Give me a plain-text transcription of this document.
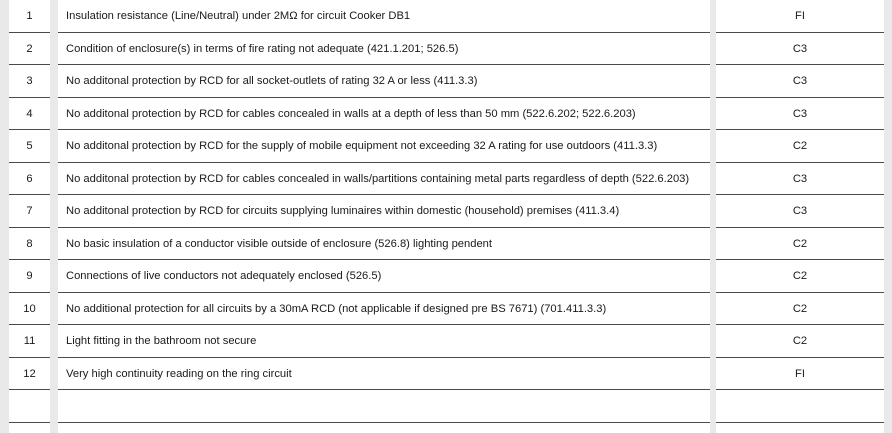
1	Insulation resistance (Line/Neutral) under 2MΩ for circuit Cooker DB1	FI
2	Condition of enclosure(s) in terms of fire rating not adequate (421.1.201; 526.5)	C3
3	No additonal protection by RCD for all socket-outlets of rating 32 A or less (411.3.3)	C3
4	No additonal protection by RCD for cables concealed in walls at a depth of less than 50 mm (522.6.202; 522.6.203)	C3
5	No additonal protection by RCD for the supply of mobile equipment not exceeding 32 A rating for use outdoors (411.3.3)	C2
6	No additonal protection by RCD for cables concealed in walls/partitions containing metal parts regardless of depth (522.6.203)	C3
7	No additonal protection by RCD for circuits supplying luminaires within domestic (household) premises (411.3.4)	C3
8	No basic insulation of a conductor visible outside of enclosure (526.8) lighting pendent	C2
9	Connections of live conductors not adequately enclosed (526.5)	C2
10	No additional protection for all circuits by a 30mA RCD (not applicable if designed pre BS 7671) (701.411.3.3)	C2
11	Light fitting in the bathroom not secure	C2
12	Very high continuity reading on the ring circuit	FI
